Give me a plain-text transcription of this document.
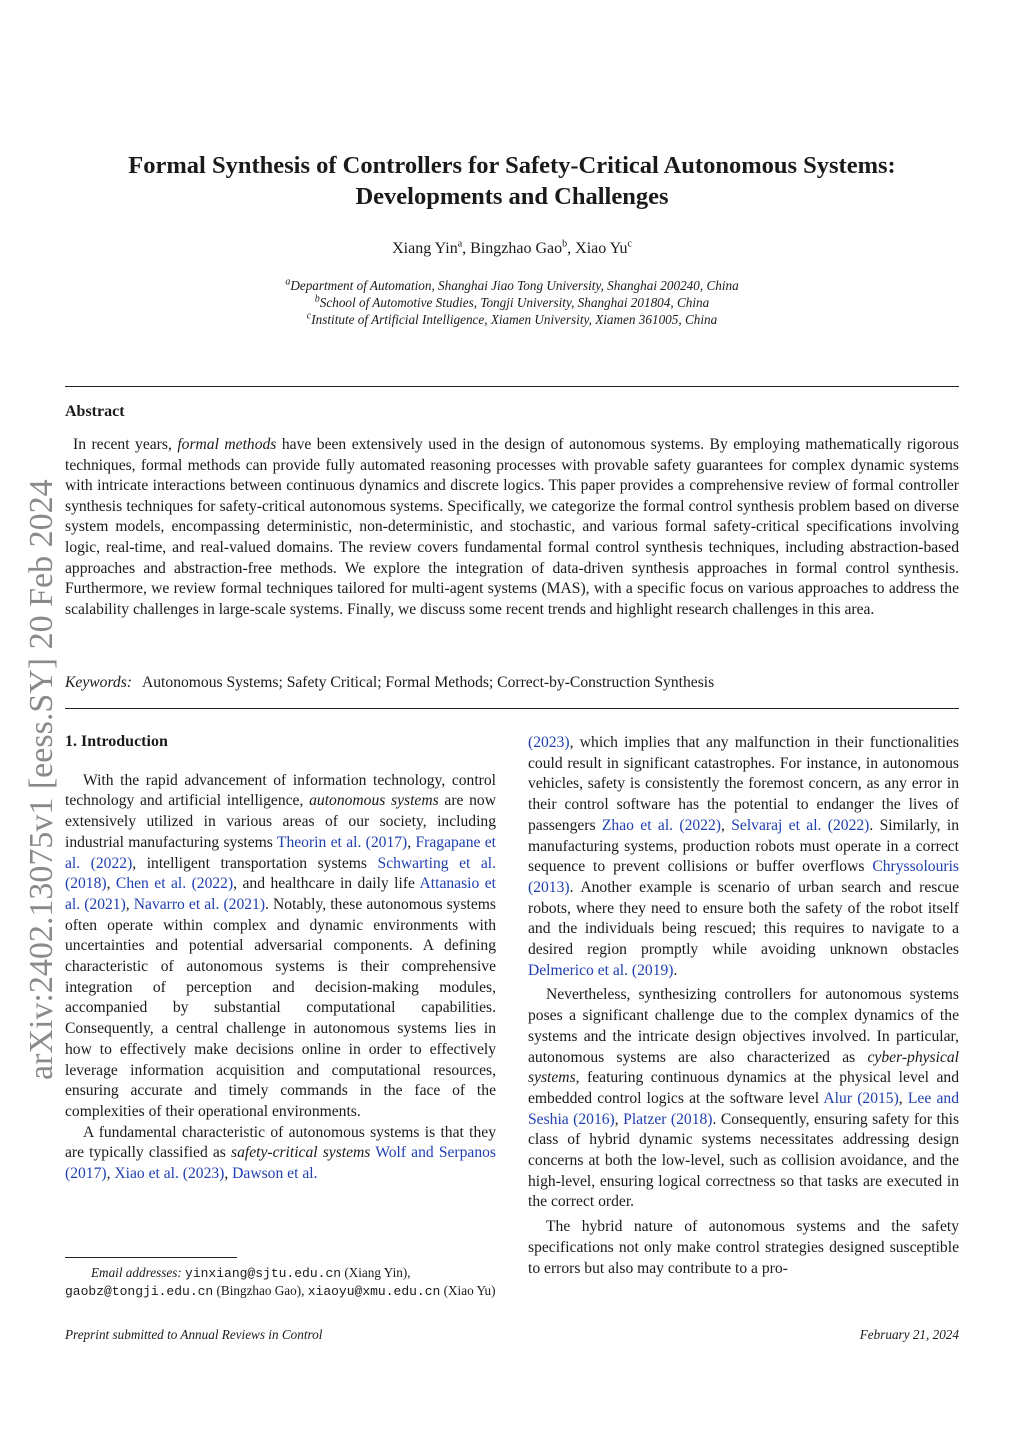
arXiv:2402.13075v1 [eess.SY] 20 Feb 2024
Formal Synthesis of Controllers for Safety-Critical Autonomous Systems:
Developments and Challenges
Xiang Yin$^a$, Bingzhao Gao$^b$, Xiao Yu$^c$
$^a$Department of Automation, Shanghai Jiao Tong University, Shanghai 200240, China
$^b$School of Automotive Studies, Tongji University, Shanghai 201804, China
$^c$Institute of Artificial Intelligence, Xiamen University, Xiamen 361005, China
Abstract

In recent years, formal methods have been extensively used in the design of autonomous systems. By employing mathematically rigorous techniques, formal methods can provide fully automated reasoning processes with provable safety guarantees for complex dynamic systems with intricate interactions between continuous dynamics and discrete logics. This paper provides a comprehensive review of formal controller synthesis techniques for safety-critical autonomous systems. Specifically, we categorize the formal control synthesis problem based on diverse system models, encompassing deterministic, non-deterministic, and stochastic, and various formal safety-critical specifications involving logic, real-time, and real-valued domains. The review covers fundamental formal control synthesis techniques, including abstraction-based approaches and abstraction-free methods. We explore the integration of data-driven synthesis approaches in formal control synthesis. Furthermore, we review formal techniques tailored for multi-agent systems (MAS), with a specific focus on various approaches to address the scalability challenges in large-scale systems. Finally, we discuss some recent trends and highlight research challenges in this area.

Keywords: Autonomous Systems; Safety Critical; Formal Methods; Correct-by-Construction Synthesis
1. Introduction

With the rapid advancement of information technology, control technology and artificial intelligence, autonomous systems are now extensively utilized in various areas of our society, including industrial manufacturing systems Theorin et al. (2017), Fragapane et al. (2022), intelligent transportation systems Schwarting et al. (2018), Chen et al. (2022), and healthcare in daily life Attanasio et al. (2021), Navarro et al. (2021). Notably, these autonomous systems often operate within complex and dynamic environments with uncertainties and potential adversarial components. A defining characteristic of autonomous systems is their comprehensive integration of perception and decision-making modules, accompanied by substantial computational capabilities. Consequently, a central challenge in autonomous systems lies in how to effectively make decisions online in order to effectively leverage information acquisition and computational resources, ensuring accurate and timely commands in the face of the complexities of their operational environments.

A fundamental characteristic of autonomous systems is that they are typically classified as safety-critical systems Wolf and Serpanos (2017), Xiao et al. (2023), Dawson et al.

(2023), which implies that any malfunction in their functionalities could result in significant catastrophes. For instance, in autonomous vehicles, safety is consistently the foremost concern, as any error in their control software has the potential to endanger the lives of passengers Zhao et al. (2022), Selvaraj et al. (2022). Similarly, in manufacturing systems, production robots must operate in a correct sequence to prevent collisions or buffer overflows Chryssolouris (2013). Another example is scenario of urban search and rescue robots, where they need to ensure both the safety of the robot itself and the individuals being rescued; this requires to navigate to a desired region promptly while avoiding unknown obstacles Delmerico et al. (2019).

Nevertheless, synthesizing controllers for autonomous systems poses a significant challenge due to the complex dynamics of the systems and the intricate design objectives involved. In particular, autonomous systems are also characterized as cyber-physical systems, featuring continuous dynamics at the physical level and embedded control logics at the software level Alur (2015), Lee and Seshia (2016), Platzer (2018). Consequently, ensuring safety for this class of hybrid dynamic systems necessitates addressing design concerns at both the low-level, such as collision avoidance, and the high-level, ensuring logical correctness so that tasks are executed in the correct order.

The hybrid nature of autonomous systems and the safety specifications not only make control strategies designed susceptible to errors but also may contribute to a pro-

Email addresses: yinxiang@sjtu.edu.cn (Xiang Yin), gaobz@tongji.edu.cn (Bingzhao Gao), xiaoyu@xmu.edu.cn (Xiao Yu)
Preprint submitted to Annual Reviews in Control	February 21, 2024
